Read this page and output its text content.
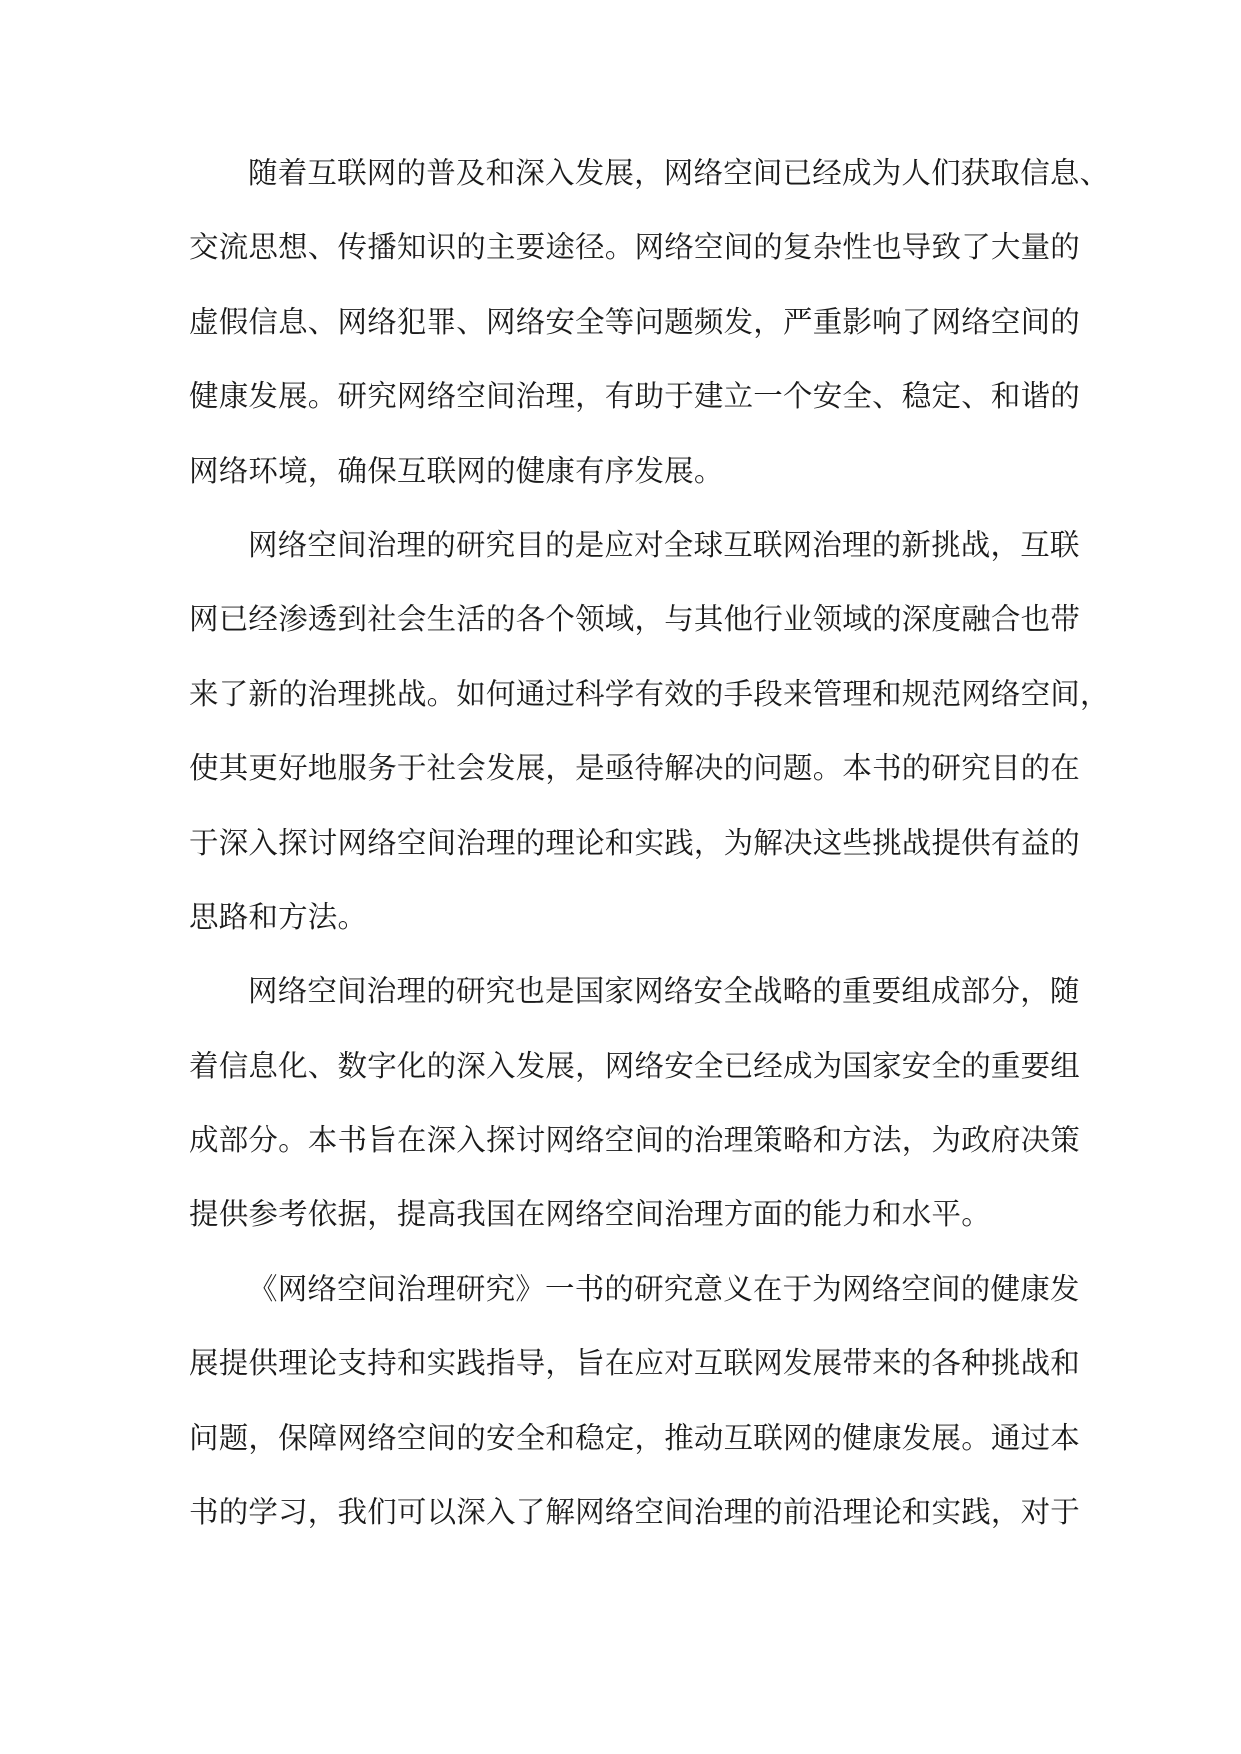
随着互联网的普及和深入发展，网络空间已经成为人们获取信息、
交流思想、传播知识的主要途径。网络空间的复杂性也导致了大量的
虚假信息、网络犯罪、网络安全等问题频发，严重影响了网络空间的
健康发展。研究网络空间治理，有助于建立一个安全、稳定、和谐的
网络环境，确保互联网的健康有序发展。
网络空间治理的研究目的是应对全球互联网治理的新挑战，互联
网已经渗透到社会生活的各个领域，与其他行业领域的深度融合也带
来了新的治理挑战。如何通过科学有效的手段来管理和规范网络空间，
使其更好地服务于社会发展，是亟待解决的问题。本书的研究目的在
于深入探讨网络空间治理的理论和实践，为解决这些挑战提供有益的
思路和方法。
网络空间治理的研究也是国家网络安全战略的重要组成部分，随
着信息化、数字化的深入发展，网络安全已经成为国家安全的重要组
成部分。本书旨在深入探讨网络空间的治理策略和方法，为政府决策
提供参考依据，提高我国在网络空间治理方面的能力和水平。
《网络空间治理研究》一书的研究意义在于为网络空间的健康发
展提供理论支持和实践指导，旨在应对互联网发展带来的各种挑战和
问题，保障网络空间的安全和稳定，推动互联网的健康发展。通过本
书的学习，我们可以深入了解网络空间治理的前沿理论和实践，对于
